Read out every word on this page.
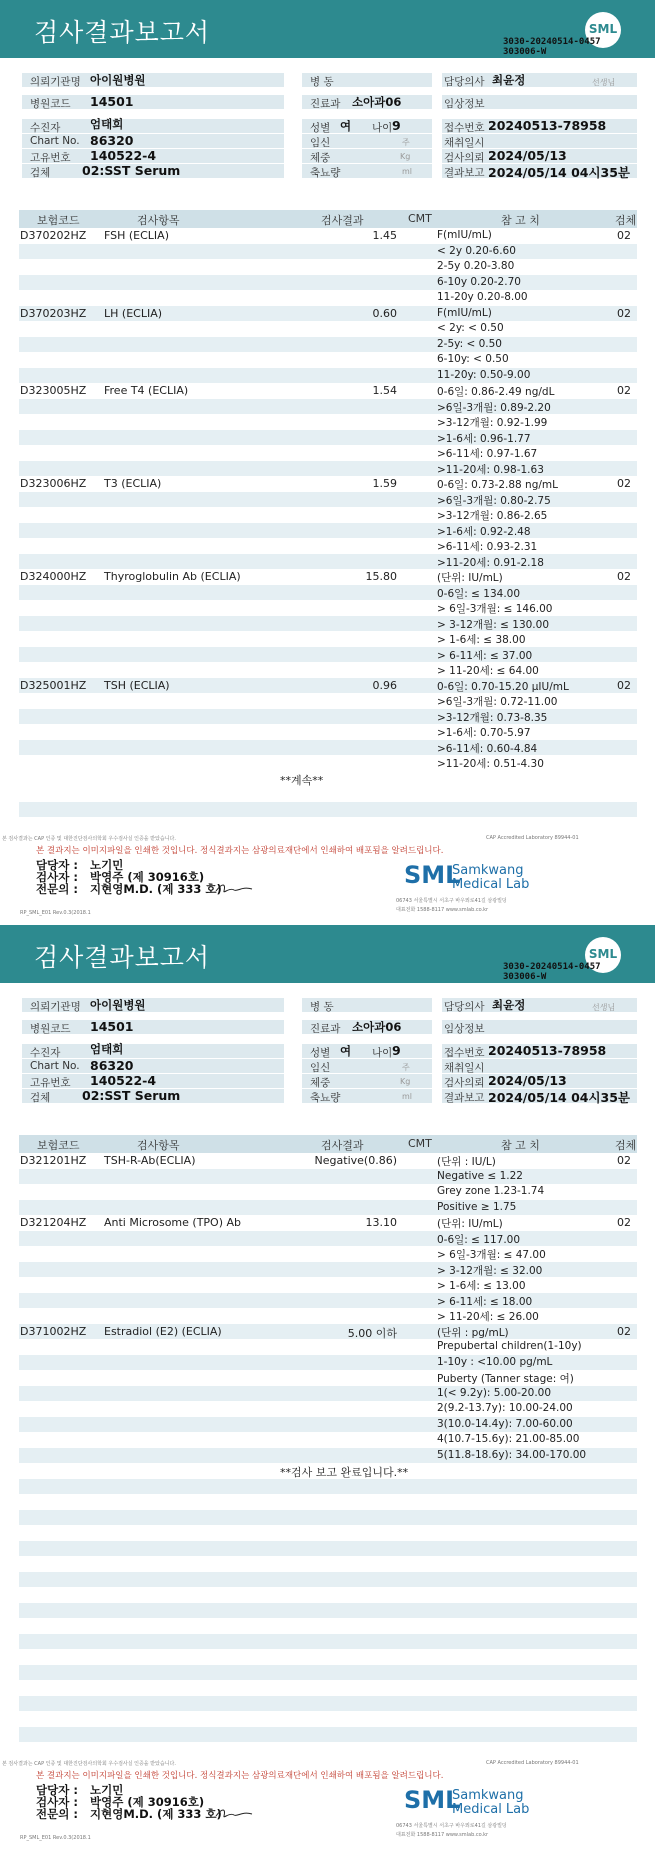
검사결과보고서	SML
3030-20240514-0457
303006-W
의뢰기관명 아이원병원
병원코드 14501
수진자	엄태희
Chart No. 86320
고유번호 140522-4
검체	02:SST Serum
병 동
진료과 소아과06
성별 여 나이 9
임신	주
체중	Kg
축뇨량	ml
담당의사 최윤정	선생님
임상정보
접수번호 20240513-78958
채취일시
검사의뢰 2024/05/13
결과보고 2024/05/14 04시35분
보험코드	검사항목	검사결과	CMT	참 고 치	검체
D370202HZ FSH (ECLIA)	1.45	02
F(mIU/mL)
< 2y 0.20-6.60
2-5y 0.20-3.80
6-10y 0.20-2.70
11-20y 0.20-8.00
D370203HZ LH (ECLIA)	0.60	02
F(mIU/mL)
< 2y: < 0.50
2-5y: < 0.50
6-10y: < 0.50
11-20y: 0.50-9.00
D323005HZ Free T4 (ECLIA)	1.54	02
0-6일: 0.86-2.49 ng/dL
>6일-3개월: 0.89-2.20
>3-12개월: 0.92-1.99
>1-6세: 0.96-1.77
>6-11세: 0.97-1.67
>11-20세: 0.98-1.63
D323006HZ T3 (ECLIA)	1.59	02
0-6일: 0.73-2.88 ng/mL
>6일-3개월: 0.80-2.75
>3-12개월: 0.86-2.65
>1-6세: 0.92-2.48
>6-11세: 0.93-2.31
>11-20세: 0.91-2.18
D324000HZ Thyroglobulin Ab (ECLIA)	15.80	02
(단위: IU/mL)
0-6일: ≤ 134.00
> 6일-3개월: ≤ 146.00
> 3-12개월: ≤ 130.00
> 1-6세: ≤ 38.00
> 6-11세: ≤ 37.00
> 11-20세: ≤ 64.00
D325001HZ TSH (ECLIA)	0.96	02
0-6일: 0.70-15.20 μIU/mL
>6일-3개월: 0.72-11.00
>3-12개월: 0.73-8.35
>1-6세: 0.70-5.97
>6-11세: 0.60-4.84
>11-20세: 0.51-4.30
**계속**
본 검사결과는 CAP 인증 및 대한진단검사의학회 우수검사실 인증을 받았습니다.	CAP Accredited Laboratory 89944-01
본 결과지는 이미지파일을 인쇄한 것입니다. 정식결과지는 삼광의료재단에서 인쇄하여 배포됨을 알려드립니다.
담당자 : 노기민
검사자 : 박영주 (제 30916호)
전문의 : 지현영M.D. (제 333 호)	SML
Samkwang
Medical Lab
06743 서울특별시 서초구 바우뫼로41길 삼광빌딩
대표전화 1588-8117 www.smlab.co.kr
RP_SML_E01 Rev.0.3(2018.1
검사결과보고서	SML
3030-20240514-0457
303006-W
의뢰기관명 아이원병원
병원코드 14501
수진자	엄태희
Chart No. 86320
고유번호 140522-4
검체	02:SST Serum
병 동
진료과 소아과06
성별 여 나이 9
임신	주
체중	Kg
축뇨량	ml
담당의사 최윤정	선생님
임상정보
접수번호 20240513-78958
채취일시
검사의뢰 2024/05/13
결과보고 2024/05/14 04시35분
보험코드	검사항목	검사결과	CMT	참 고 치	검체
D321201HZ TSH-R-Ab(ECLIA)	Negative(0.86)	02
(단위 : IU/L)
Negative ≤ 1.22
Grey zone 1.23-1.74
Positive ≥ 1.75
D321204HZ Anti Microsome (TPO) Ab	13.10	02
(단위: IU/mL)
0-6일: ≤ 117.00
> 6일-3개월: ≤ 47.00
> 3-12개월: ≤ 32.00
> 1-6세: ≤ 13.00
> 6-11세: ≤ 18.00
> 11-20세: ≤ 26.00
D371002HZ Estradiol (E2) (ECLIA)	5.00 이하	02
(단위 : pg/mL)
Prepubertal children(1-10y)
1-10y : <10.00 pg/mL
Puberty (Tanner stage: 여)
1(< 9.2y): 5.00-20.00
2(9.2-13.7y): 10.00-24.00
3(10.0-14.4y): 7.00-60.00
4(10.7-15.6y): 21.00-85.00
5(11.8-18.6y): 34.00-170.00
**검사 보고 완료입니다.**
본 검사결과는 CAP 인증 및 대한진단검사의학회 우수검사실 인증을 받았습니다.	CAP Accredited Laboratory 89944-01
본 결과지는 이미지파일을 인쇄한 것입니다. 정식결과지는 삼광의료재단에서 인쇄하여 배포됨을 알려드립니다.
담당자 : 노기민
검사자 : 박영주 (제 30916호)
전문의 : 지현영M.D. (제 333 호)	SML
Samkwang
Medical Lab
06743 서울특별시 서초구 바우뫼로41길 삼광빌딩
대표전화 1588-8117 www.smlab.co.kr
RP_SML_E01 Rev.0.3(2018.1
